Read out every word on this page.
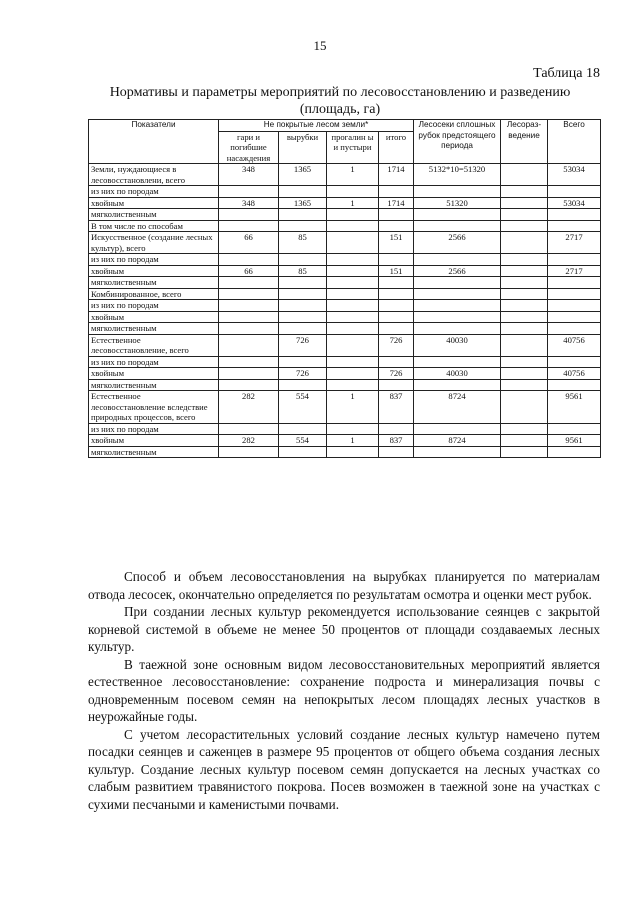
15
Таблица 18
Нормативы и параметры мероприятий по лесовосстановлению и разведению
(площадь, га)
Показатели	Не покрытые лесом земли*				Лесосеки сплошных рубок предстоящего периода	Лесораз-ведение	Всего
	гари и погибшие насаждения	вырубки	прогалин ы и пустыри	итого			
Земли, нуждающиеся в лесовосстановлени, всего	348	1365	1	1714	5132*10=51320		53034
из них по породам							
хвойным	348	1365	1	1714	51320		53034
мягколиственным							
В том числе по способам							
Искусственное (создание лесных культур), всего	66	85		151	2566		2717
из них по породам							
хвойным	66	85		151	2566		2717
мягколиственным							
Комбинированное, всего							
из них по породам							
хвойным							
мягколиственным							
Естественное лесовосстановление, всего		726		726	40030		40756
из них по породам							
хвойным		726		726	40030		40756
мягколиственным							
Естественное лесовосстановление вследствие природных процессов, всего	282	554	1	837	8724		9561
из них по породам							
хвойным	282	554	1	837	8724		9561
мягколиственным							

Способ и объем лесовосстановления на вырубках планируется по материалам отвода лесосек, окончательно определяется по результатам осмотра и оценки мест рубок.

При создании лесных культур рекомендуется использование сеянцев с закрытой корневой системой в объеме не менее 50 процентов от площади создаваемых лесных культур.

В таежной зоне основным видом лесовосстановительных мероприятий является естественное лесовосстановление: сохранение подроста и минерализация почвы с одновременным посевом семян на непокрытых лесом площадях лесных участков в неурожайные годы.

С учетом лесорастительных условий создание лесных культур намечено путем посадки сеянцев и саженцев в размере 95 процентов от общего объема создания лесных культур. Создание лесных культур посевом семян допускается на лесных участках со слабым развитием травянистого покрова. Посев возможен в таежной зоне на участках с сухими песчаными и каменистыми почвами.
